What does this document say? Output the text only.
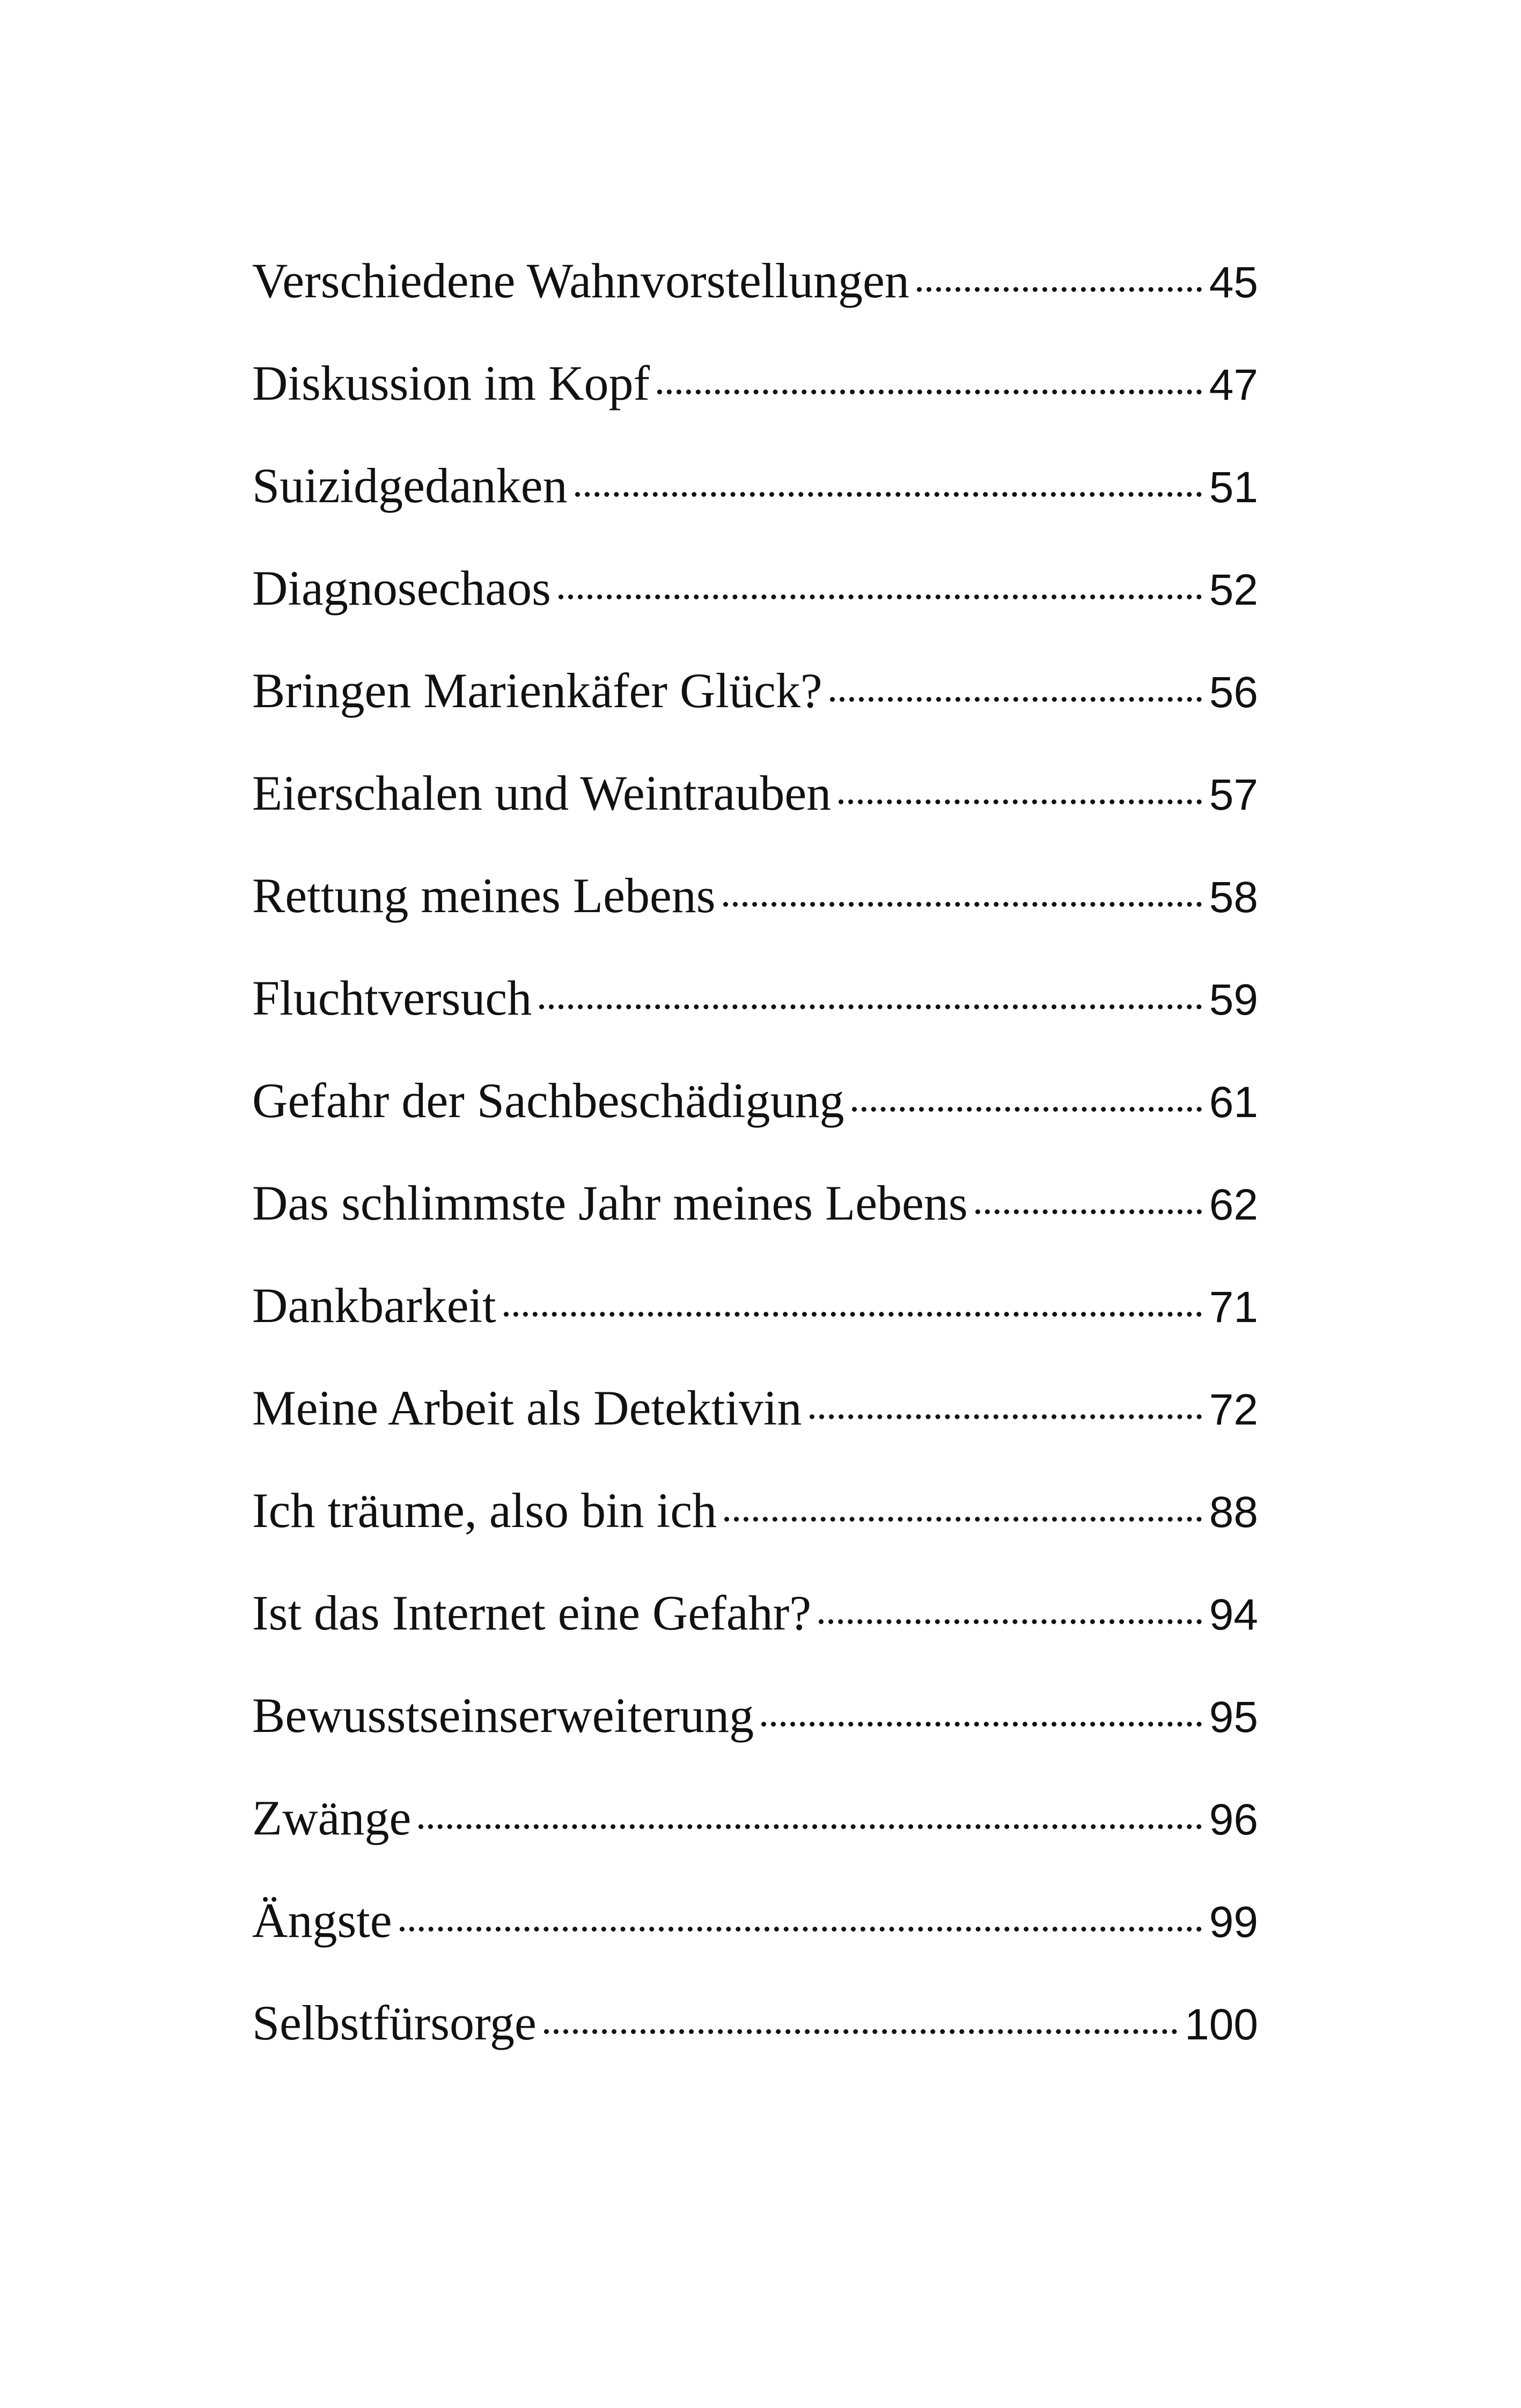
Verschiedene Wahnvorstellungen	45
Diskussion im Kopf	47
Suizidgedanken	51
Diagnosechaos	52
Bringen Marienkäfer Glück?	56
Eierschalen und Weintrauben	57
Rettung meines Lebens	58
Fluchtversuch	59
Gefahr der Sachbeschädigung	61
Das schlimmste Jahr meines Lebens	62
Dankbarkeit	71
Meine Arbeit als Detektivin	72
Ich träume, also bin ich	88
Ist das Internet eine Gefahr?	94
Bewusstseinserweiterung	95
Zwänge	96
Ängste	99
Selbstfürsorge	100
